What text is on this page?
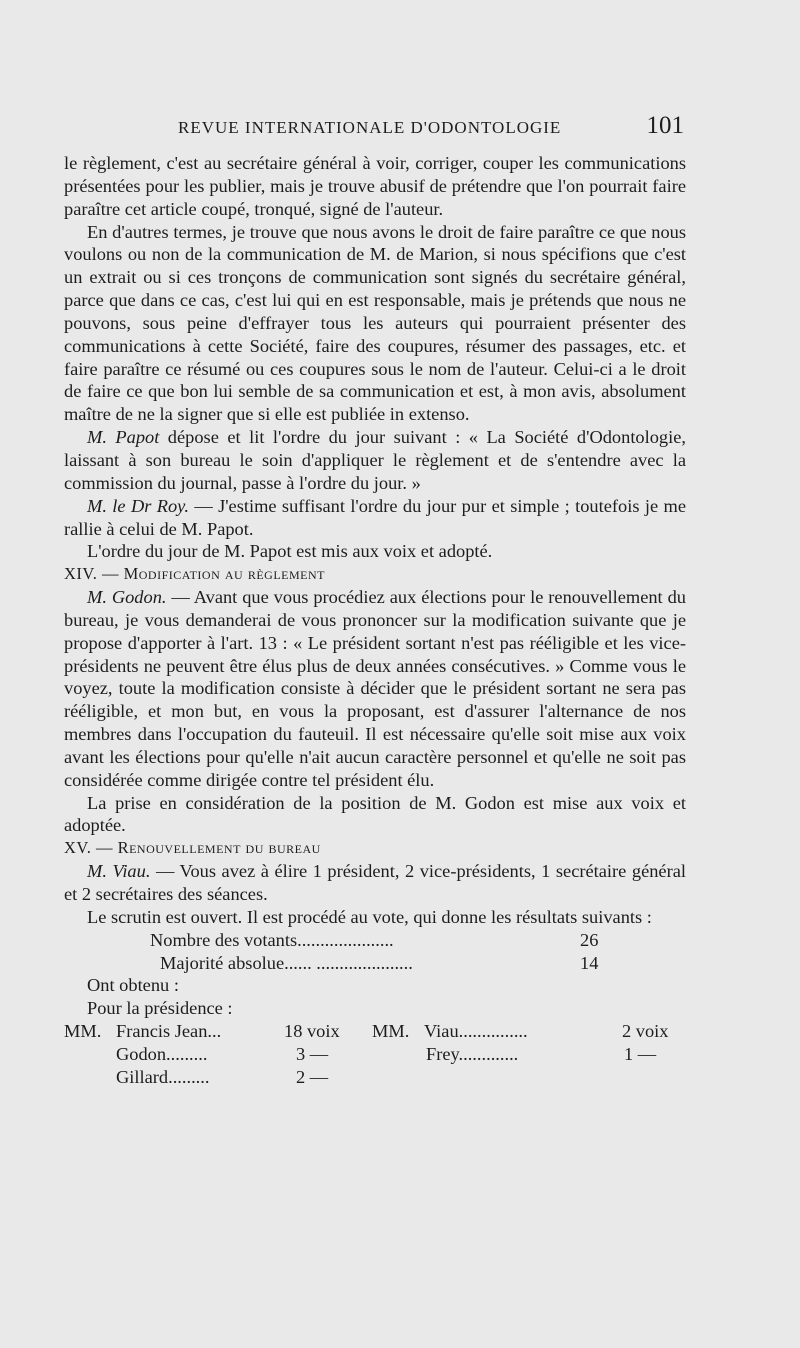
REVUE INTERNATIONALE D'ODONTOLOGIE	101

le règlement, c'est au secrétaire général à voir, corriger, couper les communications présentées pour les publier, mais je trouve abusif de prétendre que l'on pourrait faire paraître cet article coupé, tronqué, signé de l'auteur.

En d'autres termes, je trouve que nous avons le droit de faire paraître ce que nous voulons ou non de la communication de M. de Marion, si nous spécifions que c'est un extrait ou si ces tronçons de communication sont signés du secrétaire général, parce que dans ce cas, c'est lui qui en est responsable, mais je prétends que nous ne pouvons, sous peine d'effrayer tous les auteurs qui pourraient présenter des communications à cette Société, faire des coupures, résumer des passages, etc. et faire paraître ce résumé ou ces coupures sous le nom de l'auteur. Celui-ci a le droit de faire ce que bon lui semble de sa communication et est, à mon avis, absolument maître de ne la signer que si elle est publiée in extenso.

M. Papot dépose et lit l'ordre du jour suivant : « La Société d'Odontologie, laissant à son bureau le soin d'appliquer le règlement et de s'entendre avec la commission du journal, passe à l'ordre du jour. »

M. le Dr Roy. — J'estime suffisant l'ordre du jour pur et simple ; toutefois je me rallie à celui de M. Papot.

L'ordre du jour de M. Papot est mis aux voix et adopté.

XIV. — Modification au règlement

M. Godon. — Avant que vous procédiez aux élections pour le renouvellement du bureau, je vous demanderai de vous prononcer sur la modification suivante que je propose d'apporter à l'art. 13 : « Le président sortant n'est pas rééligible et les vice-présidents ne peuvent être élus plus de deux années consécutives. » Comme vous le voyez, toute la modification consiste à décider que le président sortant ne sera pas rééligible, et mon but, en vous la proposant, est d'assurer l'alternance de nos membres dans l'occupation du fauteuil. Il est nécessaire qu'elle soit mise aux voix avant les élections pour qu'elle n'ait aucun caractère personnel et qu'elle ne soit pas considérée comme dirigée contre tel président élu.

La prise en considération de la position de M. Godon est mise aux voix et adoptée.

XV. — Renouvellement du bureau

M. Viau. — Vous avez à élire 1 président, 2 vice-présidents, 1 secrétaire général et 2 secrétaires des séances.

Le scrutin est ouvert. Il est procédé au vote, qui donne les résultats suivants :

Nombre des votants.....................	26
Majorité absolue...... .....................	14
Ont obtenu :
Pour la présidence :
MM. Francis Jean...	18 voix MM. Viau...............	2 voix
Godon.........	3 —	Frey.............	1 —
Gillard.........	2 —
